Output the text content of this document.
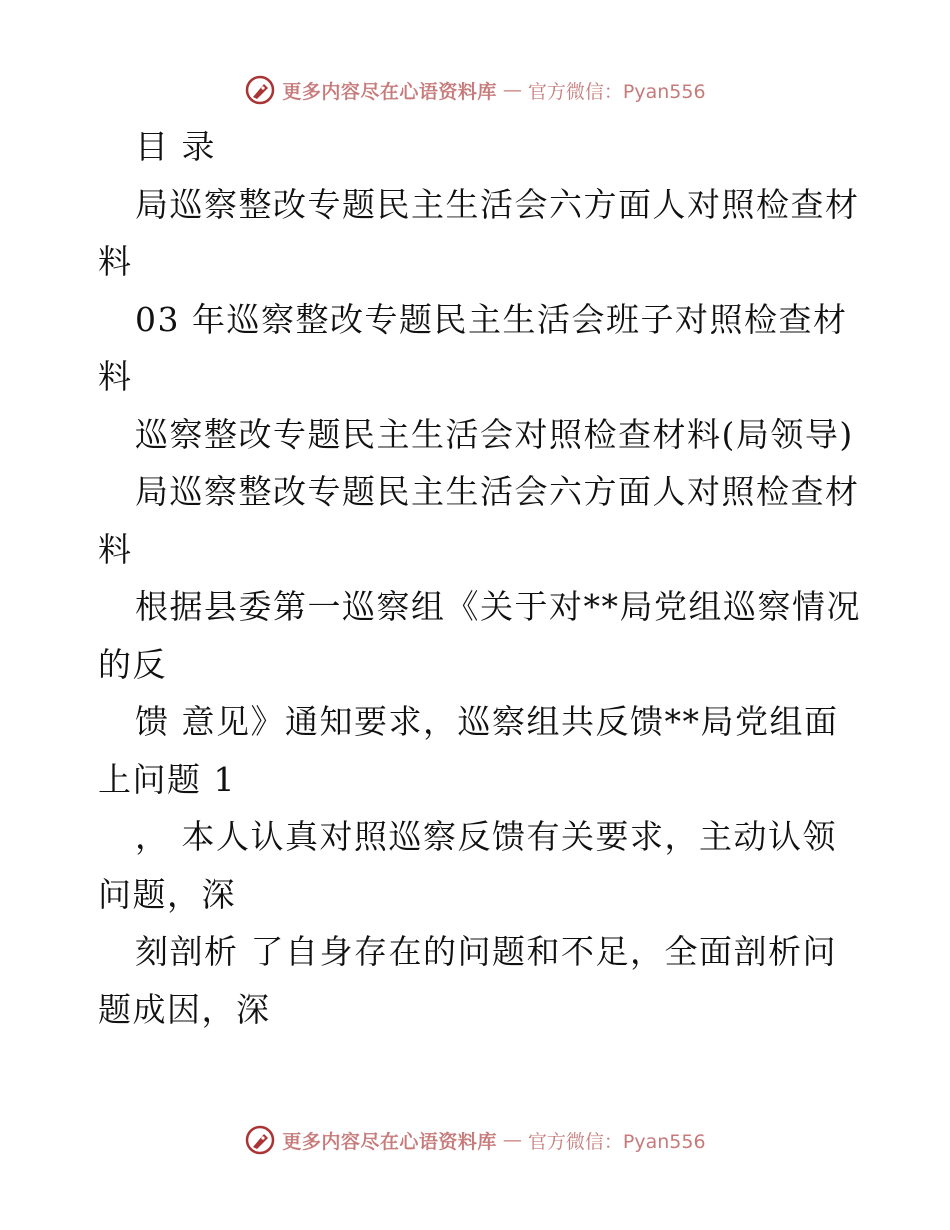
更多内容尽在心语资料库 — 官方微信：Pyan556
目 录
局巡察整改专题民主生活会六方面人对照检查材
料
03 年巡察整改专题民主生活会班子对照检查材
料
巡察整改专题民主生活会对照检查材料(局领导)
局巡察整改专题民主生活会六方面人对照检查材
料
根据县委第一巡察组《关于对**局党组巡察情况
的反
馈 意见》通知要求，巡察组共反馈**局党组面
上问题 1
， 本人认真对照巡察反馈有关要求，主动认领
问题，深
刻剖析 了自身存在的问题和不足，全面剖析问
题成因，深
更多内容尽在心语资料库 — 官方微信：Pyan556
